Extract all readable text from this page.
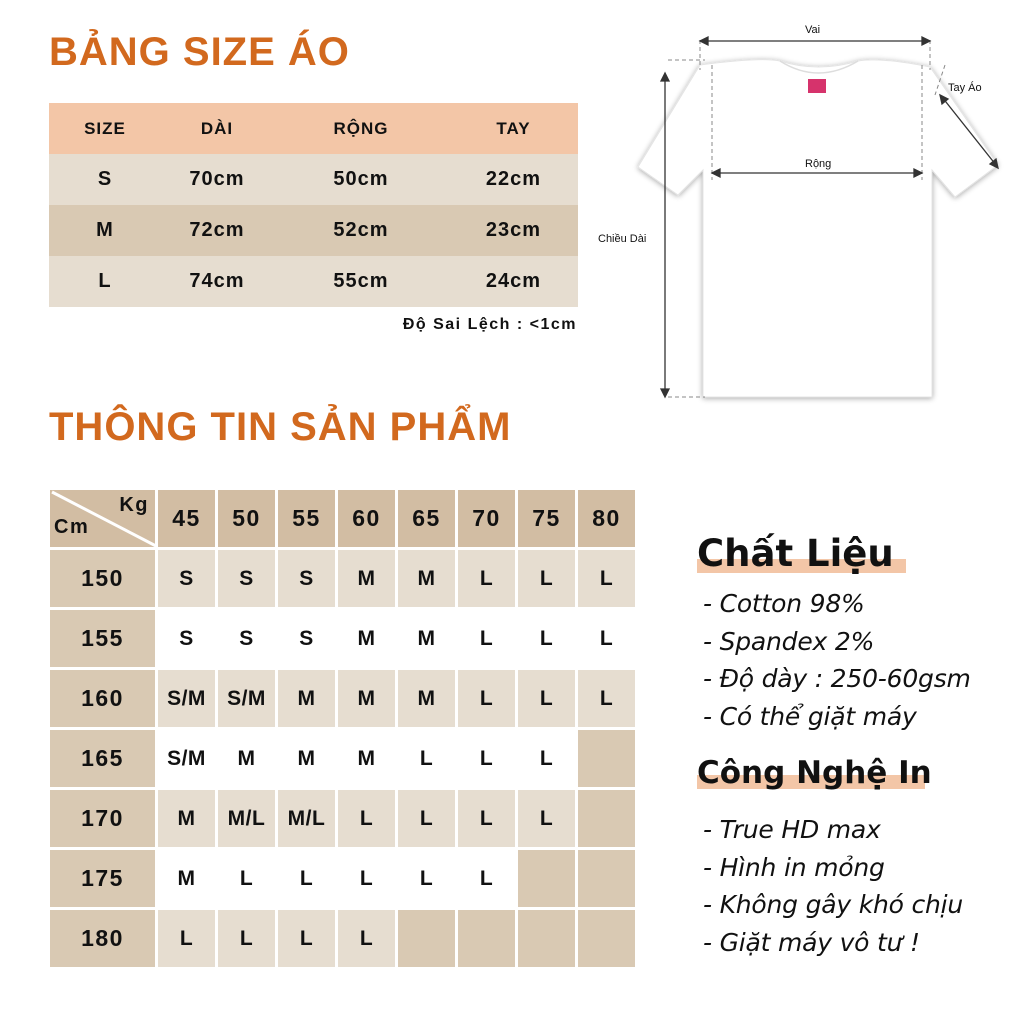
BẢNG SIZE ÁO
SIZE	DÀI	RỘNG	TAY
S	70cm	50cm	22cm
M	72cm	52cm	23cm
L	74cm	55cm	24cm
Độ Sai Lệch : <1cm
Vai
Tay Áo
Rộng
Chiều Dài
THÔNG TIN SẢN PHẨM
Kg
Cm	45	50	55	60	65	70	75	80
150	S	S	S	M	M	L	L	L
155	S	S	S	M	M	L	L	L
160	S/M	S/M	M	M	M	L	L	L
165	S/M	M	M	M	L	L	L
170	M	M/L	M/L	L	L	L	L
175	M	L	L	L	L	L
180	L	L	L	L
Chất Liệu
- Cotton 98%
- Spandex 2%
- Độ dày : 250-60gsm
- Có thể giặt máy
Công Nghệ In
- True HD max
- Hình in mỏng
- Không gây khó chịu
- Giặt máy vô tư !
